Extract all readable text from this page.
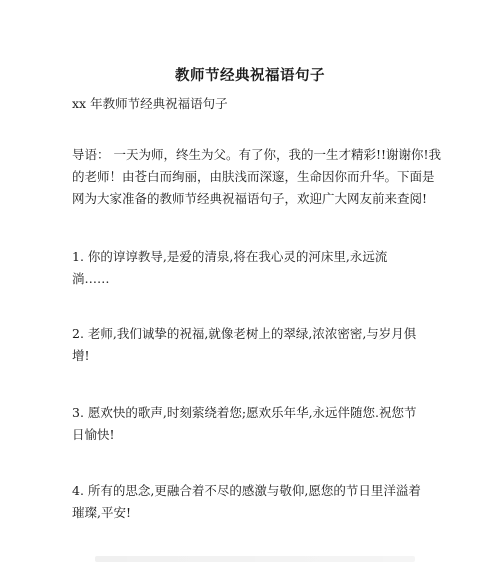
教师节经典祝福语句子
xx 年教师节经典祝福语句子

导语： 一天为师，终生为父。有了你，我的一生才精彩!!谢谢你!我
的老师！由苍白而绚丽，由肤浅而深邃，生命因你而升华。下面是
网为大家准备的教师节经典祝福语句子，欢迎广大网友前来查阅!

1. 你的谆谆教导,是爱的清泉,将在我心灵的河床里,永远流
淌……

2. 老师,我们诚挚的祝福,就像老树上的翠绿,浓浓密密,与岁月俱
增!

3. 愿欢快的歌声,时刻萦绕着您;愿欢乐年华,永远伴随您.祝您节
日愉快!

4. 所有的思念,更融合着不尽的感激与敬仰,愿您的节日里洋溢着
璀璨,平安!
